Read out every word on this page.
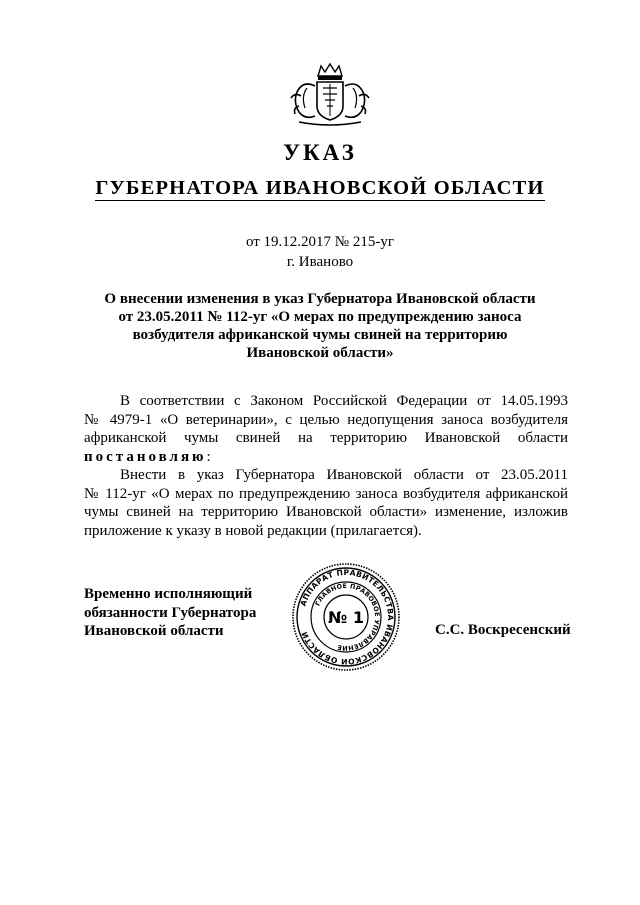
УКАЗ
ГУБЕРНАТОРА ИВАНОВСКОЙ ОБЛАСТИ
от 19.12.2017 № 215-уг
г. Иваново
О внесении изменения в указ Губернатора Ивановской области
от 23.05.2011 № 112-уг «О мерах по предупреждению заноса
возбудителя африканской чумы свиней на территорию
Ивановской области»
В соответствии с Законом Российской Федерации от 14.05.1993
№ 4979-1 «О ветеринарии», с целью недопущения заноса возбудителя
африканской чумы свиней на территорию Ивановской области
постановляю:
Внести в указ Губернатора Ивановской области от 23.05.2011
№ 112-уг «О мерах по предупреждению заноса возбудителя африканской
чумы свиней на территорию Ивановской области» изменение, изложив
приложение к указу в новой редакции (прилагается).
Временно исполняющий
обязанности Губернатора
Ивановской области
АППАРАТ ПРАВИТЕЛЬСТВА ИВАНОВСКОЙ ОБЛАСТИ
ГЛАВНОЕ ПРАВОВОЕ УПРАВЛЕНИЕ
№ 1
С.С. Воскресенский
